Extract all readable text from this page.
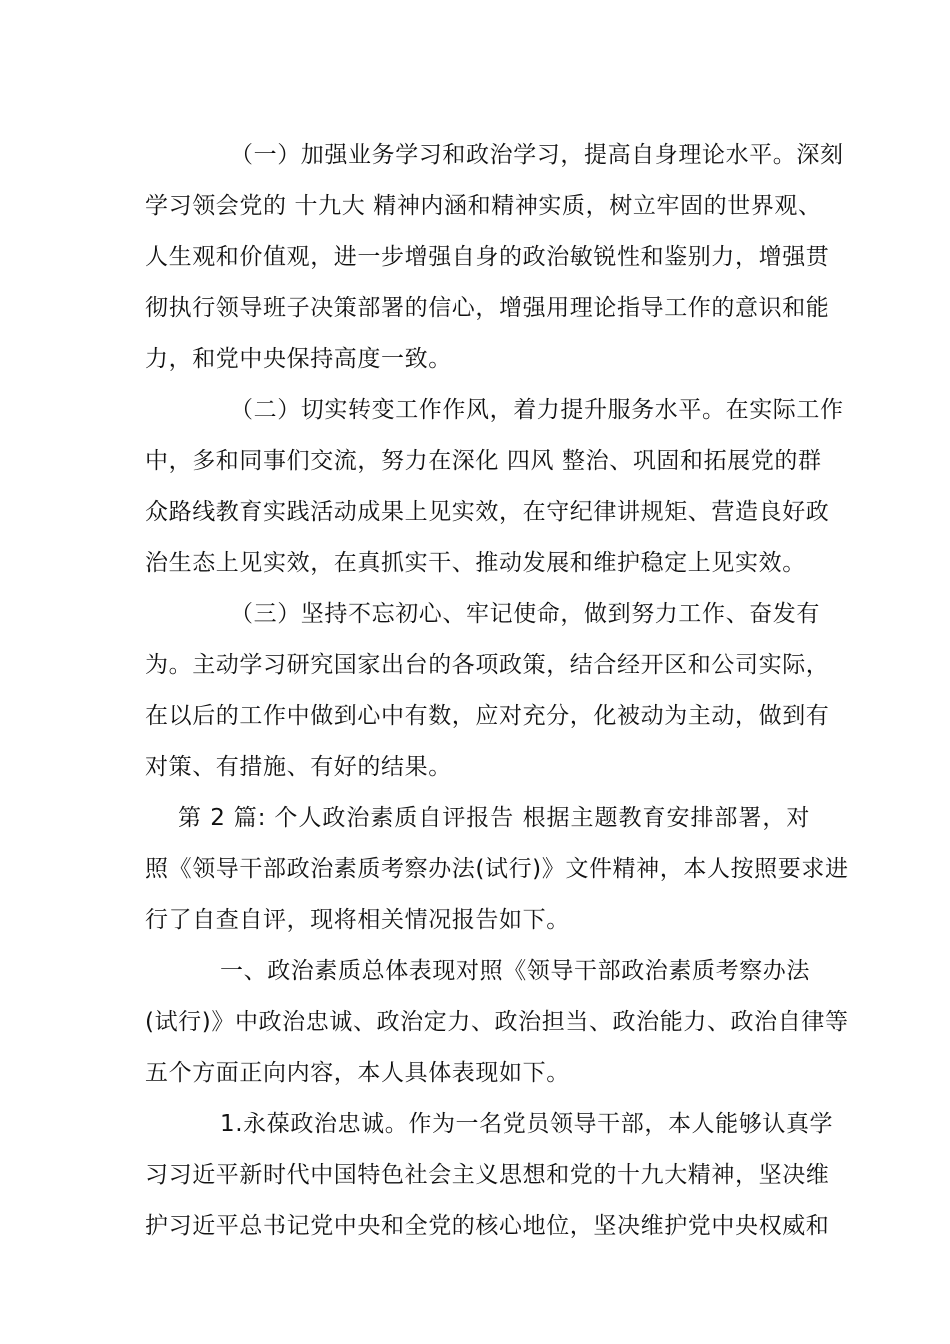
（一）加强业务学习和政治学习，提高自身理论水平。深刻
学习领会党的 十九大 精神内涵和精神实质，树立牢固的世界观、
人生观和价值观，进一步增强自身的政治敏锐性和鉴别力，增强贯
彻执行领导班子决策部署的信心，增强用理论指导工作的意识和能
力，和党中央保持高度一致。
（二）切实转变工作作风，着力提升服务水平。在实际工作
中，多和同事们交流，努力在深化 四风 整治、巩固和拓展党的群
众路线教育实践活动成果上见实效，在守纪律讲规矩、营造良好政
治生态上见实效，在真抓实干、推动发展和维护稳定上见实效。
（三）坚持不忘初心、牢记使命，做到努力工作、奋发有
为。主动学习研究国家出台的各项政策，结合经开区和公司实际，
在以后的工作中做到心中有数，应对充分，化被动为主动，做到有
对策、有措施、有好的结果。
第 2 篇: 个人政治素质自评报告 根据主题教育安排部署，对
照《领导干部政治素质考察办法(试行)》文件精神，本人按照要求进
行了自查自评，现将相关情况报告如下。
一、政治素质总体表现对照《领导干部政治素质考察办法
(试行)》中政治忠诚、政治定力、政治担当、政治能力、政治自律等
五个方面正向内容，本人具体表现如下。
1.永葆政治忠诚。作为一名党员领导干部，本人能够认真学
习习近平新时代中国特色社会主义思想和党的十九大精神，坚决维
护习近平总书记党中央和全党的核心地位，坚决维护党中央权威和
